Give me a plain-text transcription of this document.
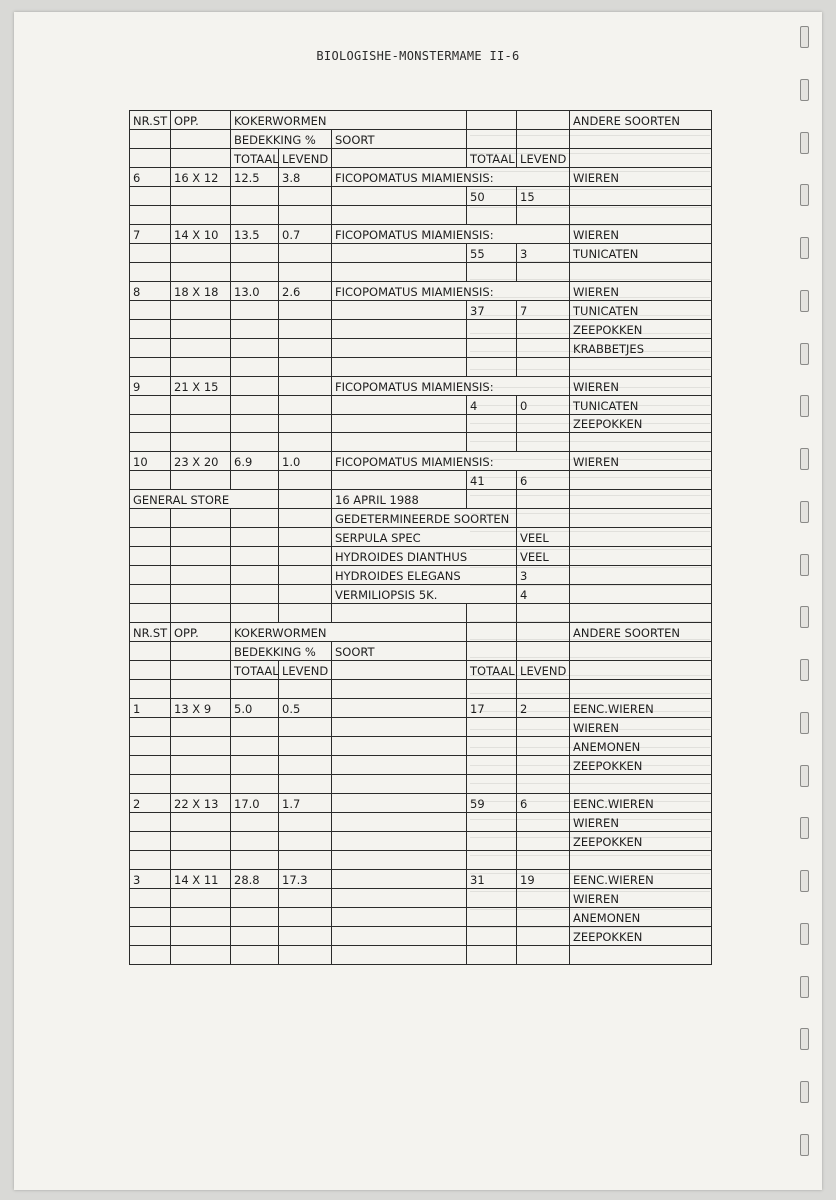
BIOLOGISHE-MONSTERMAME II-6
NR.ST	OPP.	KOKERWORMEN					ANDERE SOORTEN
		BEDEKKING %		SOORT			
		TOTAAL	LEVEND		TOTAAL	LEVEND	
6	16 X 12	12.5	3.8	FICOPOMATUS MIAMIENSIS:			WIEREN
					50	15	

7	14 X 10	13.5	0.7	FICOPOMATUS MIAMIENSIS:			WIEREN
					55	3	TUNICATEN

8	18 X 18	13.0	2.6	FICOPOMATUS MIAMIENSIS:			WIEREN
					37	7	TUNICATEN
							ZEEPOKKEN
							KRABBETJES

9	21 X 15			FICOPOMATUS MIAMIENSIS:			WIEREN
					4	0	TUNICATEN
							ZEEPOKKEN

10	23 X 20	6.9	1.0	FICOPOMATUS MIAMIENSIS:			WIEREN
					41	6	
GENERAL STORE				16 APRIL 1988			
				GEDETERMINEERDE SOORTEN			
				SERPULA SPEC		VEEL	
				HYDROIDES DIANTHUS		VEEL	
				HYDROIDES ELEGANS		3	
				VERMILIOPSIS 5K.		4	

NR.ST	OPP.	KOKERWORMEN					ANDERE SOORTEN
		BEDEKKING %		SOORT			
		TOTAAL	LEVEND		TOTAAL	LEVEND	

1	13 X 9	5.0	0.5		17	2	EENC.WIEREN
							WIEREN
							ANEMONEN
							ZEEPOKKEN

2	22 X 13	17.0	1.7		59	6	EENC.WIEREN
							WIEREN
							ZEEPOKKEN

3	14 X 11	28.8	17.3		31	19	EENC.WIEREN
							WIEREN
							ANEMONEN
							ZEEPOKKEN
